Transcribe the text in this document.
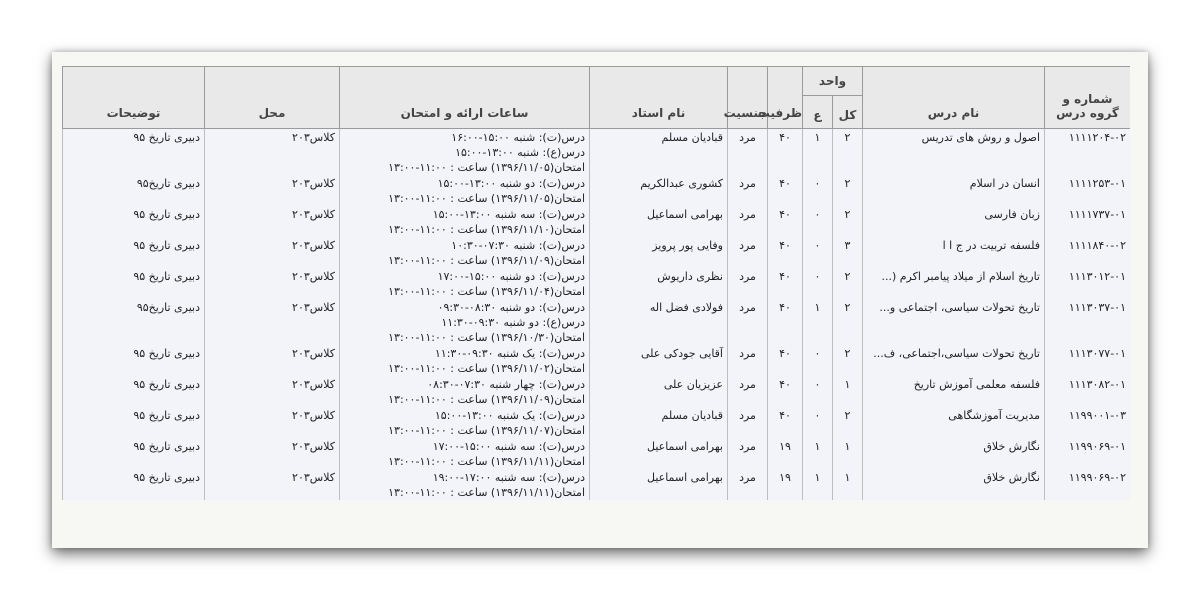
شماره و گروه درس	نام درس	واحد		ظرفیت	جنسیت	نام استاد	ساعات ارائه و امتحان	محل	توضیحات

		کل	ع						

۱۱۱۱۲۰۴-۰۲	اصول و روش های تدریس	۲	۱	۴۰	مرد	قبادیان مسلم	درس(ت): شنبه ۱۵:۰۰-۱۶:۰۰
درس(ع): شنبه ۱۳:۰۰-۱۵:۰۰
امتحان(۱۳۹۶/۱۱/۰۵) ساعت : ۱۱:۰۰-۱۳:۰۰	کلاس۲۰۳	دبیری تاریخ ۹۵
۱۱۱۱۲۵۳-۰۱	انسان در اسلام	۲	۰	۴۰	مرد	کشوری عبدالکریم	درس(ت): دو شنبه ۱۳:۰۰-۱۵:۰۰
امتحان(۱۳۹۶/۱۱/۰۵) ساعت : ۱۱:۰۰-۱۳:۰۰	کلاس۲۰۳	دبیری تاریخ۹۵
۱۱۱۱۷۳۷-۰۱	زبان فارسی	۲	۰	۴۰	مرد	بهرامی اسماعیل	درس(ت): سه شنبه ۱۳:۰۰-۱۵:۰۰
امتحان(۱۳۹۶/۱۱/۱۰) ساعت : ۱۱:۰۰-۱۳:۰۰	کلاس۲۰۳	دبیری تاریخ ۹۵
۱۱۱۱۸۴۰-۰۲	فلسفه تربیت در ج ا ا	۳	۰	۴۰	مرد	وفایی پور پرویز	درس(ت): شنبه ۰۷:۳۰-۱۰:۳۰
امتحان(۱۳۹۶/۱۱/۰۹) ساعت : ۱۱:۰۰-۱۳:۰۰	کلاس۲۰۳	دبیری تاریخ ۹۵
۱۱۱۳۰۱۲-۰۱	تاریخ اسلام از میلاد پیامبر اکرم (...	۲	۰	۴۰	مرد	نظری داریوش	درس(ت): دو شنبه ۱۵:۰۰-۱۷:۰۰
امتحان(۱۳۹۶/۱۱/۰۴) ساعت : ۱۱:۰۰-۱۳:۰۰	کلاس۲۰۳	دبیری تاریخ ۹۵
۱۱۱۳۰۳۷-۰۱	تاریخ تحولات سیاسی، اجتماعی و...	۲	۱	۴۰	مرد	فولادی فضل اله	درس(ت): دو شنبه ۰۸:۳۰-۰۹:۳۰
درس(ع): دو شنبه ۰۹:۳۰-۱۱:۳۰
امتحان(۱۳۹۶/۱۰/۳۰) ساعت : ۱۱:۰۰-۱۳:۰۰	کلاس۲۰۳	دبیری تاریخ۹۵
۱۱۱۳۰۷۷-۰۱	تاریخ تحولات سیاسی،اجتماعی، ف...	۲	۰	۴۰	مرد	آقایی جودکی علی	درس(ت): یک شنبه ۰۹:۳۰-۱۱:۳۰
امتحان(۱۳۹۶/۱۱/۰۲) ساعت : ۱۱:۰۰-۱۳:۰۰	کلاس۲۰۳	دبیری تاریخ ۹۵
۱۱۱۳۰۸۲-۰۱	فلسفه معلمی آموزش تاریخ	۱	۰	۴۰	مرد	عزیزیان علی	درس(ت): چهار شنبه ۰۷:۳۰-۰۸:۳۰
امتحان(۱۳۹۶/۱۱/۰۹) ساعت : ۱۱:۰۰-۱۳:۰۰	کلاس۲۰۳	دبیری تاریخ ۹۵
۱۱۹۹۰۰۱-۰۳	مدیریت آموزشگاهی	۲	۰	۴۰	مرد	قبادیان مسلم	درس(ت): یک شنبه ۱۳:۰۰-۱۵:۰۰
امتحان(۱۳۹۶/۱۱/۰۷) ساعت : ۱۱:۰۰-۱۳:۰۰	کلاس۲۰۳	دبیری تاریخ ۹۵
۱۱۹۹۰۶۹-۰۱	نگارش خلاق	۱	۱	۱۹	مرد	بهرامی اسماعیل	درس(ت): سه شنبه ۱۵:۰۰-۱۷:۰۰
امتحان(۱۳۹۶/۱۱/۱۱) ساعت : ۱۱:۰۰-۱۳:۰۰	کلاس۲۰۳	دبیری تاریخ ۹۵
۱۱۹۹۰۶۹-۰۲	نگارش خلاق	۱	۱	۱۹	مرد	بهرامی اسماعیل	درس(ت): سه شنبه ۱۷:۰۰-۱۹:۰۰
امتحان(۱۳۹۶/۱۱/۱۱) ساعت : ۱۱:۰۰-۱۳:۰۰	کلاس۲۰۳	دبیری تاریخ ۹۵
